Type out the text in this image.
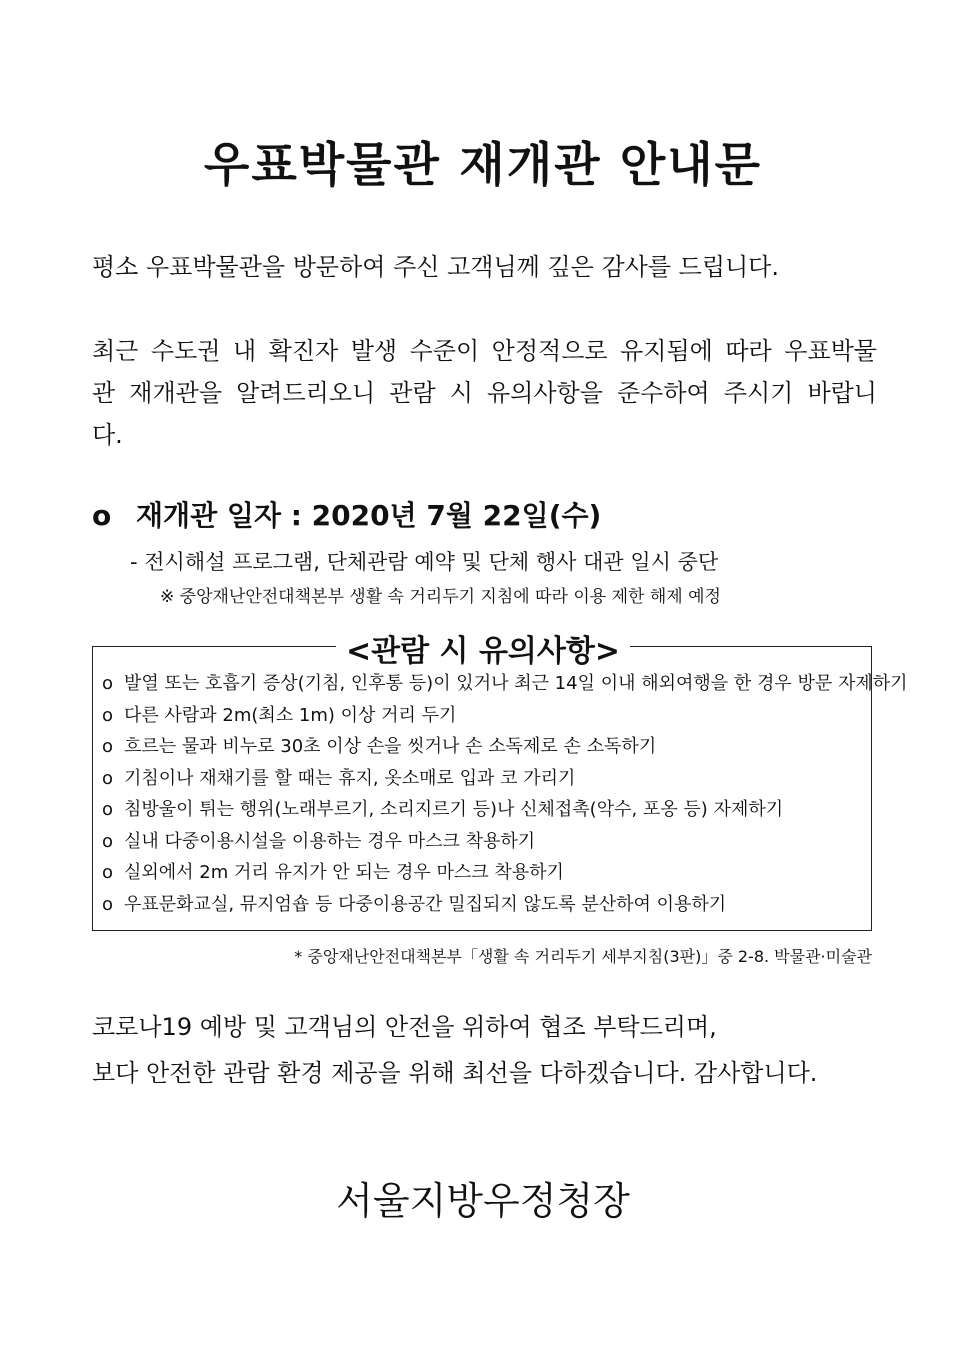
우표박물관 재개관 안내문
평소 우표박물관을 방문하여 주신 고객님께 깊은 감사를 드립니다.
최근 수도권 내 확진자 발생 수준이 안정적으로 유지됨에 따라 우표박물관 재개관을 알려드리오니 관람 시 유의사항을 준수하여 주시기 바랍니다.
o 재개관 일자 : 2020년 7월 22일(수)
- 전시해설 프로그램, 단체관람 예약 및 단체 행사 대관 일시 중단
※ 중앙재난안전대책본부 생활 속 거리두기 지침에 따라 이용 제한 해제 예정
<관람 시 유의사항>
o 발열 또는 호흡기 증상(기침, 인후통 등)이 있거나 최근 14일 이내 해외여행을 한 경우 방문 자제하기
o 다른 사람과 2m(최소 1m) 이상 거리 두기
o 흐르는 물과 비누로 30초 이상 손을 씻거나 손 소독제로 손 소독하기
o 기침이나 재채기를 할 때는 휴지, 옷소매로 입과 코 가리기
o 침방울이 튀는 행위(노래부르기, 소리지르기 등)나 신체접촉(악수, 포옹 등) 자제하기
o 실내 다중이용시설을 이용하는 경우 마스크 착용하기
o 실외에서 2m 거리 유지가 안 되는 경우 마스크 착용하기
o 우표문화교실, 뮤지엄숍 등 다중이용공간 밀집되지 않도록 분산하여 이용하기
* 중앙재난안전대책본부「생활 속 거리두기 세부지침(3판)」중 2-8. 박물관·미술관
코로나19 예방 및 고객님의 안전을 위하여 협조 부탁드리며,
보다 안전한 관람 환경 제공을 위해 최선을 다하겠습니다. 감사합니다.
서울지방우정청장
